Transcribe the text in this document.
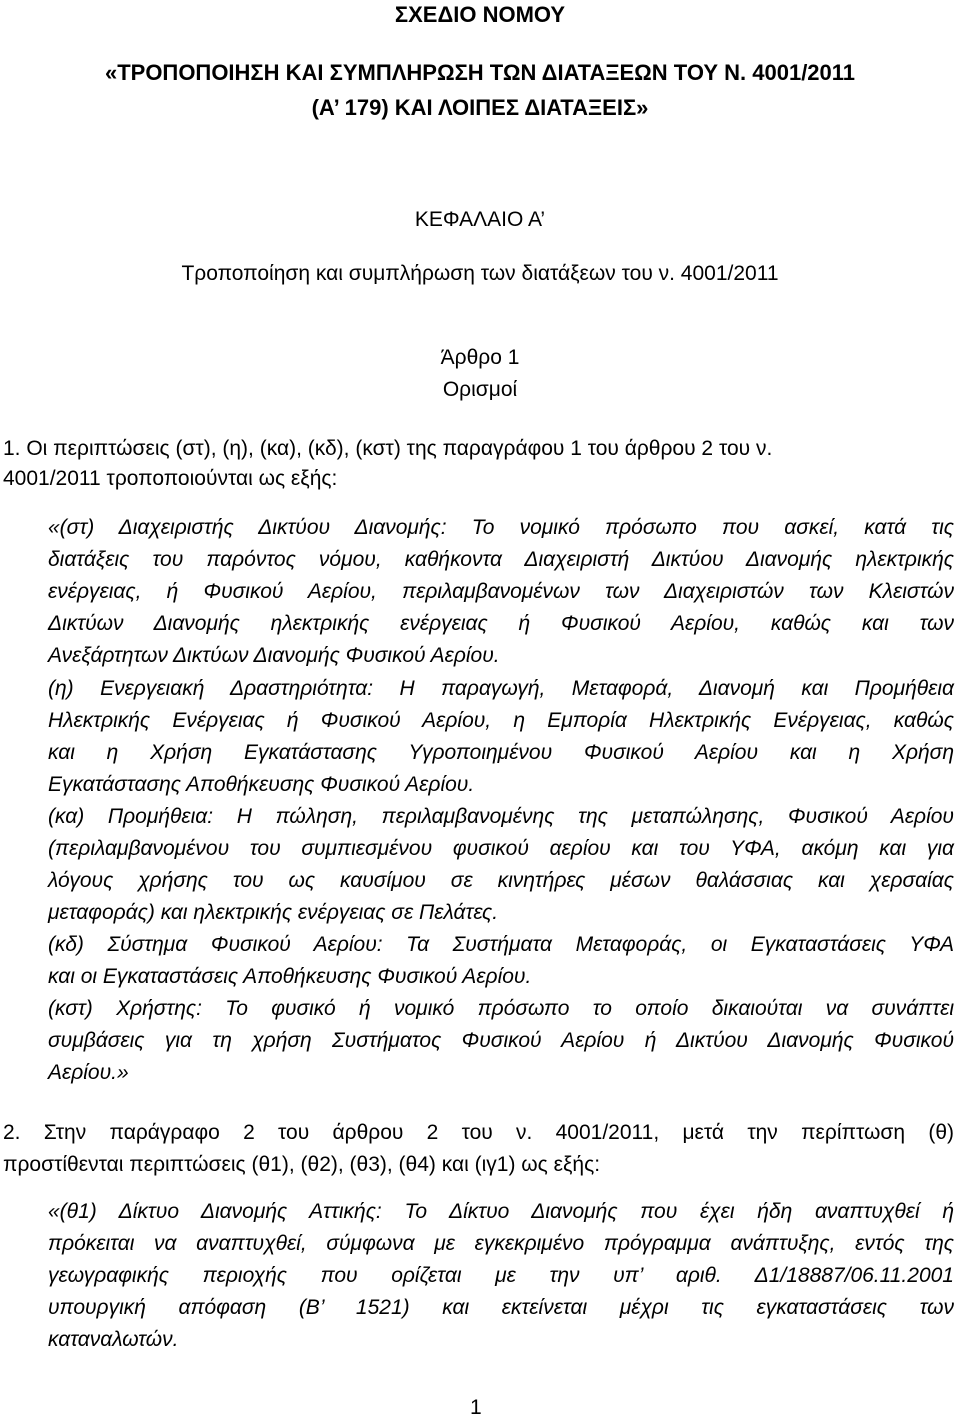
ΣΧΕΔΙΟ ΝΟΜΟΥ
«ΤΡΟΠΟΠΟΙΗΣΗ ΚΑΙ ΣΥΜΠΛΗΡΩΣΗ ΤΩΝ ΔΙΑΤΑΞΕΩΝ ΤΟΥ Ν. 4001/2011
(Α’ 179) ΚΑΙ ΛΟΙΠΕΣ ΔΙΑΤΑΞΕΙΣ»
ΚΕΦΑΛΑΙΟ Α’
Τροποποίηση και συμπλήρωση των διατάξεων του ν. 4001/2011
Άρθρο 1
Ορισμοί
1. Οι περιπτώσεις (στ), (η), (κα), (κδ), (κστ) της παραγράφου 1 του άρθρου 2 του ν.
4001/2011 τροποποιούνται ως εξής:
«(στ) Διαχειριστής Δικτύου Διανομής: Το νομικό πρόσωπο που ασκεί, κατά τις
διατάξεις του παρόντος νόμου, καθήκοντα Διαχειριστή Δικτύου Διανομής ηλεκτρικής
ενέργειας, ή Φυσικού Αερίου, περιλαμβανομένων των Διαχειριστών των Κλειστών
Δικτύων Διανομής ηλεκτρικής ενέργειας ή Φυσικού Αερίου, καθώς και των
Ανεξάρτητων Δικτύων Διανομής Φυσικού Αερίου.
(η) Ενεργειακή Δραστηριότητα: Η παραγωγή, Μεταφορά, Διανομή και Προμήθεια
Ηλεκτρικής Ενέργειας ή Φυσικού Αερίου, η Εμπορία Ηλεκτρικής Ενέργειας, καθώς
και η Χρήση Εγκατάστασης Υγροποιημένου Φυσικού Αερίου και η Χρήση
Εγκατάστασης Αποθήκευσης Φυσικού Αερίου.
(κα) Προμήθεια: Η πώληση, περιλαμβανομένης της μεταπώλησης, Φυσικού Αερίου
(περιλαμβανομένου του συμπιεσμένου φυσικού αερίου και του ΥΦΑ, ακόμη και για
λόγους χρήσης του ως καυσίμου σε κινητήρες μέσων θαλάσσιας και χερσαίας
μεταφοράς) και ηλεκτρικής ενέργειας σε Πελάτες.
(κδ) Σύστημα Φυσικού Αερίου: Τα Συστήματα Μεταφοράς, οι Εγκαταστάσεις ΥΦΑ
και οι Εγκαταστάσεις Αποθήκευσης Φυσικού Αερίου.
(κστ) Χρήστης: Το φυσικό ή νομικό πρόσωπο το οποίο δικαιούται να συνάπτει
συμβάσεις για τη χρήση Συστήματος Φυσικού Αερίου ή Δικτύου Διανομής Φυσικού
Αερίου.»
2. Στην παράγραφο 2 του άρθρου 2 του ν. 4001/2011, μετά την περίπτωση (θ)
προστίθενται περιπτώσεις (θ1), (θ2), (θ3), (θ4) και (ιγ1) ως εξής:
«(θ1) Δίκτυο Διανομής Αττικής: Το Δίκτυο Διανομής που έχει ήδη αναπτυχθεί ή
πρόκειται να αναπτυχθεί, σύμφωνα με εγκεκριμένο πρόγραμμα ανάπτυξης, εντός της
γεωγραφικής περιοχής που ορίζεται με την υπ’ αριθ. Δ1/18887/06.11.2001
υπουργική απόφαση (Β’ 1521) και εκτείνεται μέχρι τις εγκαταστάσεις των
καταναλωτών.
1
